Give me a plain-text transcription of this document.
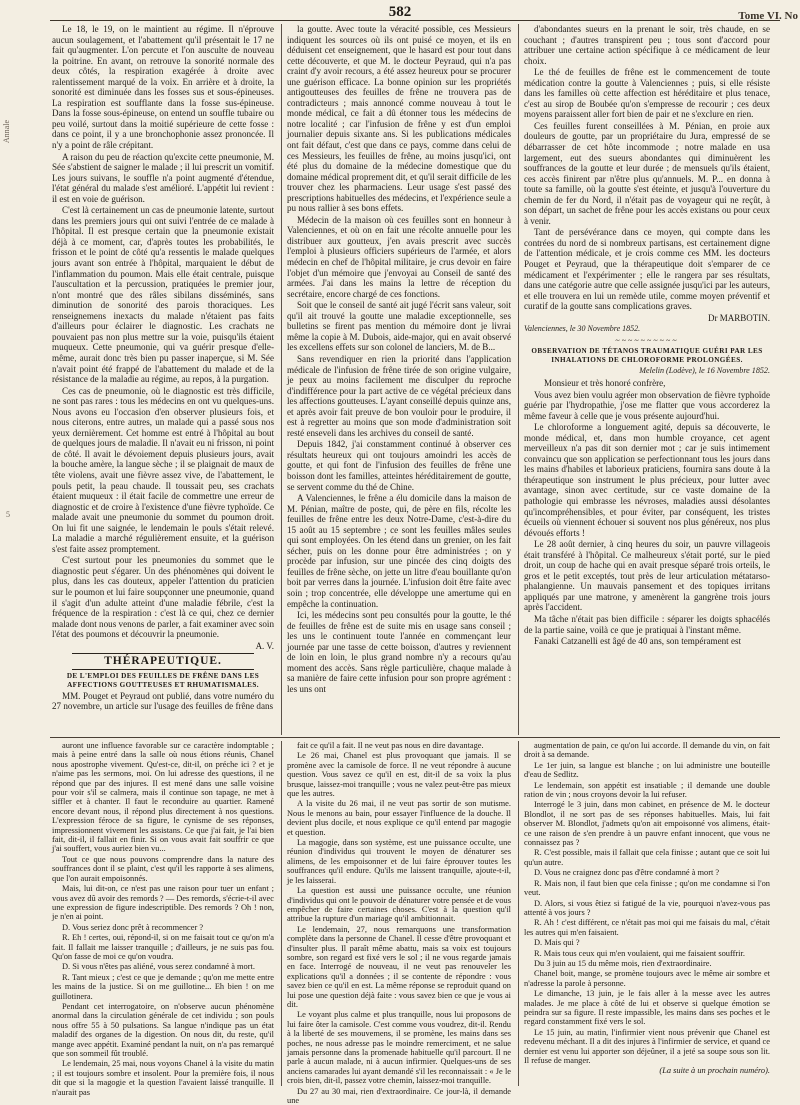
582	Tome VI. No
Annale
5

Le 18, le 19, on le maintient au régime. Il n'éprouve aucun soulagement, et l'abattement qu'il présentait le 17 ne fait qu'augmenter. L'on percute et l'on ausculte de nouveau la poitrine. En avant, on retrouve la sonorité normale des deux côtés, la respiration exagérée à droite avec ralentissement marqué de la voix. En arrière et à droite, la sonorité est diminuée dans les fosses sus et sous-épineuses. La respiration est soufflante dans la fosse sus-épineuse. Dans la fosse sous-épineuse, on entend un souffle tubaire ou peu voilé, surtout dans la moitié supérieure de cette fosse : dans ce point, il y a une bronchophonie assez prononcée. Il n'y a point de râle crépitant.

A raison du peu de réaction qu'excite cette pneumonie, M. Sée s'abstient de saigner le malade ; il lui prescrit un vomitif. Les jours suivans, le souffle n'a point augmenté d'étendue, l'état général du malade s'est amélioré. L'appétit lui revient : il est en voie de guérison.

C'est là certainement un cas de pneumonie latente, surtout dans les premiers jours qui ont suivi l'entrée de ce malade à l'hôpital. Il est presque certain que la pneumonie existait déjà à ce moment, car, d'après toutes les probabilités, le frisson et le point de côté qu'a ressentis le malade quelques jours avant son entrée à l'hôpital, marquaient le début de l'inflammation du poumon. Mais elle était centrale, puisque l'auscultation et la percussion, pratiquées le premier jour, n'ont montré que des râles sibilans disséminés, sans diminution de sonorité des parois thoraciques. Les renseignemens inexacts du malade n'étaient pas faits d'ailleurs pour éclairer le diagnostic. Les crachats ne pouvaient pas non plus mettre sur la voie, puisqu'ils étaient muqueux. Cette pneumonie, qui va guérir presque d'elle-même, aurait donc très bien pu passer inaperçue, si M. Sée n'avait point été frappé de l'abattement du malade et de la résistance de la maladie au régime, au repos, à la purgation.

Ces cas de pneumonie, où le diagnostic est très difficile, ne sont pas rares : tous les médecins en ont vu quelques-uns. Nous avons eu l'occasion d'en observer plusieurs fois, et nous citerons, entre autres, un malade qui a passé sous nos yeux dernièrement. Cet homme est entré à l'hôpital au bout de quelques jours de maladie. Il n'avait eu ni frisson, ni point de côté. Il avait le dévoiement depuis plusieurs jours, avait la bouche amère, la langue sèche ; il se plaignait de maux de tête violens, avait une fièvre assez vive, de l'abattement, le pouls petit, la peau chaude. Il toussait peu, ses crachats étaient muqueux : il était facile de commettre une erreur de diagnostic et de croire à l'existence d'une fièvre typhoïde. Ce malade avait une pneumonie du sommet du poumon droit. On lui fit une saignée, le lendemain le pouls s'était relevé. La maladie a marché régulièrement ensuite, et la guérison s'est faite assez promptement.

C'est surtout pour les pneumonies du sommet que le diagnostic peut s'égarer. Un des phénomènes qui doivent le plus, dans les cas douteux, appeler l'attention du praticien sur le poumon et lui faire soupçonner une pneumonie, quand il s'agit d'un adulte atteint d'une maladie fébrile, c'est la fréquence de la respiration : c'est là ce qui, chez ce dernier malade dont nous venons de parler, a fait examiner avec soin l'état des poumons et découvrir la pneumonie.

A. V.

THÉRAPEUTIQUE.

DE L'EMPLOI DES FEUILLES DE FRÊNE DANS LES AFFECTIONS GOUTTEUSES ET RHUMATISMALES.

MM. Pouget et Peyraud ont publié, dans votre numéro du 27 novembre, un article sur l'usage des feuilles de frêne dans

la goutte. Avec toute la véracité possible, ces Messieurs indiquent les sources où ils ont puisé ce moyen, et ils en déduisent cet enseignement, que le hasard est pour tout dans cette découverte, et que M. le docteur Peyraud, qui n'a pas craint d'y avoir recours, a été assez heureux pour se procurer une guérison efficace. La bonne opinion sur les propriétés antigoutteuses des feuilles de frêne ne trouvera pas de contradicteurs ; mais annoncé comme nouveau à tout le monde médical, ce fait a dû étonner tous les médecins de notre localité ; car l'infusion de frêne y est d'un emploi journalier depuis sixante ans. Si les publications médicales ont fait défaut, c'est que dans ce pays, comme dans celui de ces Messieurs, les feuilles de frêne, au moins jusqu'ici, ont été plus du domaine de la médecine domestique que du domaine médical proprement dit, et qu'il serait difficile de les trouver chez les pharmaciens. Leur usage s'est passé des prescriptions habituelles des médecins, et l'expérience seule a pu nous rallier à ses bons effets.

Médecin de la maison où ces feuilles sont en honneur à Valenciennes, et où on en fait une récolte annuelle pour les distribuer aux goutteux, j'en avais prescrit avec succès l'emploi à plusieurs officiers supérieurs de l'armée, et alors médecin en chef de l'hôpital militaire, je crus devoir en faire l'objet d'un mémoire que j'envoyai au Conseil de santé des armées. J'ai dans les mains la lettre de réception du secrétaire, encore chargé de ces fonctions.

Soit que le conseil de santé ait jugé l'écrit sans valeur, soit qu'il ait trouvé la goutte une maladie exceptionnelle, ses bulletins se firent pas mention du mémoire dont je livrai même la copie à M. Dubois, aide-major, qui en avait observé les excellens effets sur son colonel de lanciers, M. de B...

Sans revendiquer en rien la priorité dans l'application médicale de l'infusion de frêne tirée de son origine vulgaire, je peux au moins facilement me disculper du reproche d'indifférence pour la part active de ce végétal précieux dans les affections goutteuses. L'ayant conseillé depuis quinze ans, et après avoir fait preuve de bon vouloir pour le produire, il est à regretter au moins que son mode d'administration soit resté enseveli dans les archives du conseil de santé.

Depuis 1842, j'ai constamment continué à observer ces résultats heureux qui ont toujours amoindri les accès de goutte, et qui font de l'infusion des feuilles de frêne une boisson dont les familles, atteintes héréditairement de goutte, se servent comme du thé de Chine.

A Valenciennes, le frêne a élu domicile dans la maison de M. Pénian, maître de poste, qui, de père en fils, récolte les feuilles de frêne entre les deux Notre-Dame, c'est-à-dire du 15 août au 15 septembre ; ce sont les feuilles mâles seules qui sont employées. On les étend dans un grenier, on les fait sécher, puis on les donne pour être administrées ; on y procède par infusion, sur une pincée des cinq doigts des feuilles de frêne sèche, on jette un litre d'eau bouillante qu'on boit par verres dans la journée. L'infusion doit être faite avec soin ; trop concentrée, elle développe une amertume qui en empêche la continuation.

Ici, les médecins sont peu consultés pour la goutte, le thé de feuilles de frêne est de suite mis en usage sans conseil ; les uns le continuent toute l'année en commençant leur journée par une tasse de cette boisson, d'autres y reviennent de loin en loin, le plus grand nombre n'y a recours qu'au moment des accès. Sans règle particulière, chaque malade à sa manière de faire cette infusion pour son propre agrément : les uns ont

d'abondantes sueurs en la prenant le soir, très chaude, en se couchant ; d'autres transpirent peu ; tous sont d'accord pour attribuer une certaine action spécifique à ce médicament de leur choix.

Le thé de feuilles de frêne est le commencement de toute médication contre la goutte à Valenciennes ; puis, si elle résiste dans les familles où cette affection est héréditaire et plus tenace, c'est au sirop de Boubée qu'on s'empresse de recourir ; ces deux moyens paraissent aller fort bien de pair et ne s'exclure en rien.

Ces feuilles furent conseillées à M. Pénian, en proie aux douleurs de goutte, par un propriétaire du Jura, empressé de se débarrasser de cet hôte incommode ; notre malade en usa largement, eut des sueurs abondantes qui diminuèrent les souffrances de la goutte et leur durée ; de mensuels qu'ils étaient, ces accès finirent par n'être plus qu'annuels. M. P... en donna à toute sa famille, où la goutte s'est éteinte, et jusqu'à l'ouverture du chemin de fer du Nord, il n'était pas de voyageur qui ne reçût, à son départ, un sachet de frêne pour les accès existans ou pour ceux à venir.

Tant de persévérance dans ce moyen, qui compte dans les contrées du nord de si nombreux partisans, est certainement digne de l'attention médicale, et je crois comme ces MM. les docteurs Pouget et Peyraud, que la thérapeutique doit s'emparer de ce médicament et l'expérimenter ; elle le rangera par ses résultats, dans une catégorie autre que celle assignée jusqu'ici par les auteurs, et elle trouvera en lui un remède utile, comme moyen préventif et curatif de la goutte sans complications graves.

Dr MARBOTIN.

Valenciennes, le 30 Novembre 1852.

~~~~~~~~~~

OBSERVATION DE TÉTANOS TRAUMATIQUE GUÉRI PAR LES INHALATIONS DE CHLOROFORME PROLONGÉES.

Melelin (Lodève), le 16 Novembre 1852.

Monsieur et très honoré confrère,

Vous avez bien voulu agréer mon observation de fièvre typhoïde guérie par l'hydropathie, j'ose me flatter que vous accorderez la même faveur à celle que je vous présente aujourd'hui.

Le chloroforme a longuement agité, depuis sa découverte, le monde médical, et, dans mon humble croyance, cet agent merveilleux n'a pas dit son dernier mot ; car je suis intimement convaincu que son application se perfectionnant tous les jours dans les mains d'habiles et laborieux praticiens, fournira sans doute à la thérapeutique son instrument le plus précieux, pour lutter avec avantage, sinon avec certitude, sur ce vaste domaine de la pathologie qui embrasse les névroses, maladies aussi désolantes qu'incompréhensibles, et pour éviter, par conséquent, les tristes écueils où viennent échouer si souvent nos plus généreux, nos plus dévoués efforts !

Le 28 août dernier, à cinq heures du soir, un pauvre villageois était transféré à l'hôpital. Ce malheureux s'était porté, sur le pied droit, un coup de hache qui en avait presque séparé trois orteils, le gros et le petit exceptés, tout près de leur articulation métatarso-phalangienne. Un mauvais pansement et des topiques irritans appliqués par une matrone, y amenèrent la gangrène trois jours après l'accident.

Ma tâche n'était pas bien difficile : séparer les doigts sphacélés de la partie saine, voilà ce que je pratiquai à l'instant même.

Fanaki Catzanelli est âgé de 40 ans, son tempérament est

auront une influence favorable sur ce caractère indomptable ; mais à peine entré dans la salle où nous étions réunis, Chanel nous apostrophe vivement. Qu'est-ce, dit-il, on préche ici ? et je n'aime pas les sermons, moi. On lui adresse des questions, il ne répond que par des injures. Il est mené dans une salle voisine pour voir s'il se calmera, mais il continue son tapage, ne met à siffler et à chanter. Il faut le reconduire au quartier. Ramené encore devant nous, il répond plus directement à nos questions. L'expression féroce de sa figure, le cynisme de ses réponses, impressionnent vivement les assistans. Ce que j'ai fait, je l'ai bien fait, dit-il, il fallait en finir. Si on vous avait fait souffrir ce que j'ai souffert, vous auriez bien vu...

Tout ce que nous pouvons comprendre dans la nature des souffrances dont il se plaint, c'est qu'il les rapporte à ses alimens, que l'on aurait empoisonnés.

Mais, lui dit-on, ce n'est pas une raison pour tuer un enfant ; vous avez dû avoir des remords ? — Des remords, s'écrie-t-il avec une expression de figure indescriptible. Des remords ? Oh ! non, je n'en ai point.

D. Vous seriez donc prêt à recommencer ?

R. Eh ! certes, oui, répond-il, si on me faisait tout ce qu'on m'a fait. Il fallait me laisser tranquille ; d'ailleurs, je ne suis pas fou. Qu'on fasse de moi ce qu'on voudra.

D. Si vous n'êtes pas aliéné, vous serez condamné à mort.

R. Tant mieux ; c'est ce que je demande ; qu'on me mette entre les mains de la justice. Si on me guillotine... Eh bien ! on me guillotinera.

Pendant cet interrogatoire, on n'observe aucun phénomène anormal dans la circulation générale de cet individu ; son pouls nous offre 55 à 50 pulsations. Sa langue n'indique pas un état maladif des organes de la digestion. On nous dit, du reste, qu'il mange avec appétit. Examiné pendant la nuit, on n'a pas remarqué que son sommeil fût troublé.

Le lendemain, 25 mai, nous voyons Chanel à la visite du matin ; il est toujours sombre et insolent. Pour la première fois, il nous dit que si la magogie et la question l'avaient laissé tranquille. Il n'aurait pas

fait ce qu'il a fait. Il ne veut pas nous en dire davantage.

Le 26 mai, Chanel est plus provoquant que jamais. Il se promène avec la camisole de force. Il ne veut répondre à aucune question. Vous savez ce qu'il en est, dit-il de sa voix la plus brusque, laissez-moi tranquille ; vous ne valez peut-être pas mieux que les autres.

A la visite du 26 mai, il ne veut pas sortir de son mutisme. Nous le menons au bain, pour essayer l'influence de la douche. Il devient plus docile, et nous explique ce qu'il entend par magogie et question.

La magogie, dans son système, est une puissance occulte, une réunion d'individus qui trouvent le moyen de dénaturer ses alimens, de les empoisonner et de lui faire éprouver toutes les souffrances qu'il endure. Qu'ils me laissent tranquille, ajoute-t-il, je les laisserai.

La question est aussi une puissance occulte, une réunion d'individus qui ont le pouvoir de dénaturer votre pensée et de vous empêcher de faire certaines choses. C'est à la question qu'il attribue la rupture d'un mariage qu'il ambitionnait.

Le lendemain, 27, nous remarquons une transformation complète dans la personne de Chanel. Il cesse d'être provoquant et d'insulter plus. Il paraît même abattu, mais sa voix est toujours sombre, son regard est fixé vers le sol ; il ne vous regarde jamais en face. Interrogé de nouveau, il ne veut pas renouveler les explications qu'il a données ; il se contente de répondre : vous savez bien ce qu'il en est. La même réponse se reproduit quand on lui pose une question déjà faite : vous savez bien ce que je vous ai dit.

Le voyant plus calme et plus tranquille, nous lui proposons de lui faire ôter la camisole. C'est comme vous voudrez, dit-il. Rendu à la liberté de ses mouvemens, il se promène, les mains dans ses poches, ne nous adresse pas le moindre remerciment, et ne salue jamais personne dans la promenade habituelle qu'il parcourt. Il ne parle à aucun malade, ni à aucun infirmier. Quelques-uns de ses anciens camarades lui ayant demandé s'il les reconnaissait : « Je le crois bien, dit-il, passez votre chemin, laissez-moi tranquille.

Du 27 au 30 mai, rien d'extraordinaire. Ce jour-là, il demande une

augmentation de pain, ce qu'on lui accorde. Il demande du vin, on fait droit à sa demande.

Le 1er juin, sa langue est blanche ; on lui administre une bouteille d'eau de Sedlitz.

Le lendemain, son appétit est insatiable ; il demande une double ration de vin ; nous croyons devoir la lui refuser.

Interrogé le 3 juin, dans mon cabinet, en présence de M. le docteur Blondlot, il ne sort pas de ses réponses habituelles. Mais, lui fait observer M. Blondlot, j'admets qu'on ait empoisonné vos alimens, était-ce une raison de s'en prendre à un pauvre enfant innocent, que vous ne connaissez pas ?

R. C'est possible, mais il fallait que cela finisse ; autant que ce soit lui qu'un autre.

D. Vous ne craignez donc pas d'être condamné à mort ?

R. Mais non, il faut bien que cela finisse ; qu'on me condamne si l'on veut.

D. Alors, si vous êtiez si fatigué de la vie, pourquoi n'avez-vous pas attenté à vos jours ?

R. Ah ! c'est différent, ce n'était pas moi qui me faisais du mal, c'était les autres qui m'en faisaient.

D. Mais qui ?

R. Mais tous ceux qui m'en voulaient, qui me faisaient souffrir.

Du 3 juin au 15 du même mois, rien d'extraordinaire.

Chanel boit, mange, se promène toujours avec le même air sombre et n'adresse la parole à personne.

Le dimanche, 13 juin, je le fais aller à la messe avec les autres malades. Je me place à côté de lui et observe si quelque émotion se peindra sur sa figure. Il reste impassible, les mains dans ses poches et le regard constamment fixé vers le sol.

Le 15 juin, au matin, l'infirmier vient nous prévenir que Chanel est redevenu méchant. Il a dit des injures à l'infirmier de service, et quand ce dernier est venu lui apporter son déjeûner, il a jeté sa soupe sous son lit. Il refuse de manger.

(La suite à un prochain numéro).
